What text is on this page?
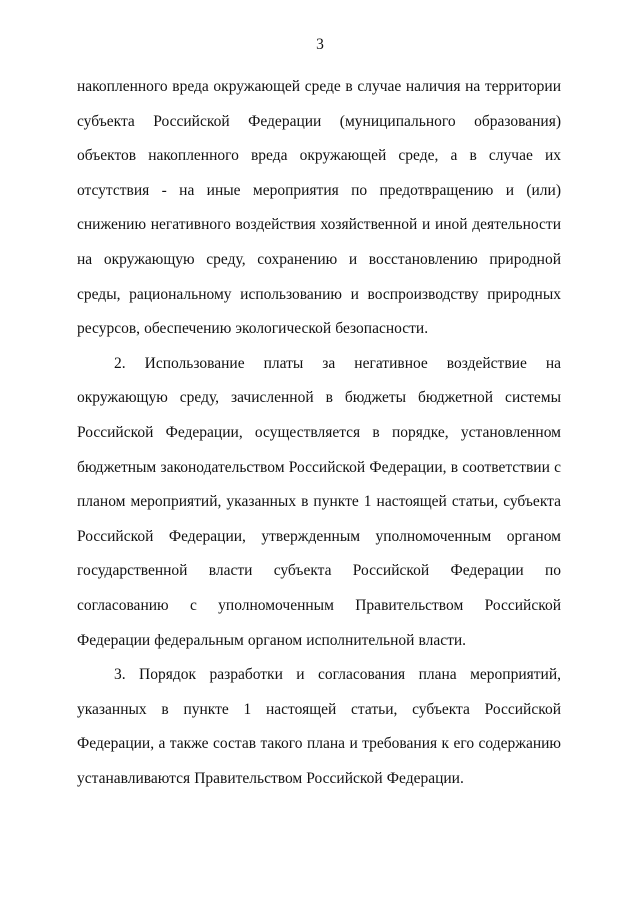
3

накопленного вреда окружающей среде в случае наличия на территории субъекта Российской Федерации (муниципального образования) объектов накопленного вреда окружающей среде, а в случае их отсутствия - на иные мероприятия по предотвращению и (или) снижению негативного воздействия хозяйственной и иной деятельности на окружающую среду, сохранению и восстановлению природной среды, рациональному использованию и воспроизводству природных ресурсов, обеспечению экологической безопасности.

2. Использование платы за негативное воздействие на окружающую среду, зачисленной в бюджеты бюджетной системы Российской Федерации, осуществляется в порядке, установленном бюджетным законодательством Российской Федерации, в соответствии с планом мероприятий, указанных в пункте 1 настоящей статьи, субъекта Российской Федерации, утвержденным уполномоченным органом государственной власти субъекта Российской Федерации по согласованию с уполномоченным Правительством Российской Федерации федеральным органом исполнительной власти.

3. Порядок разработки и согласования плана мероприятий, указанных в пункте 1 настоящей статьи, субъекта Российской Федерации, а также состав такого плана и требования к его содержанию устанавливаются Правительством Российской Федерации.
